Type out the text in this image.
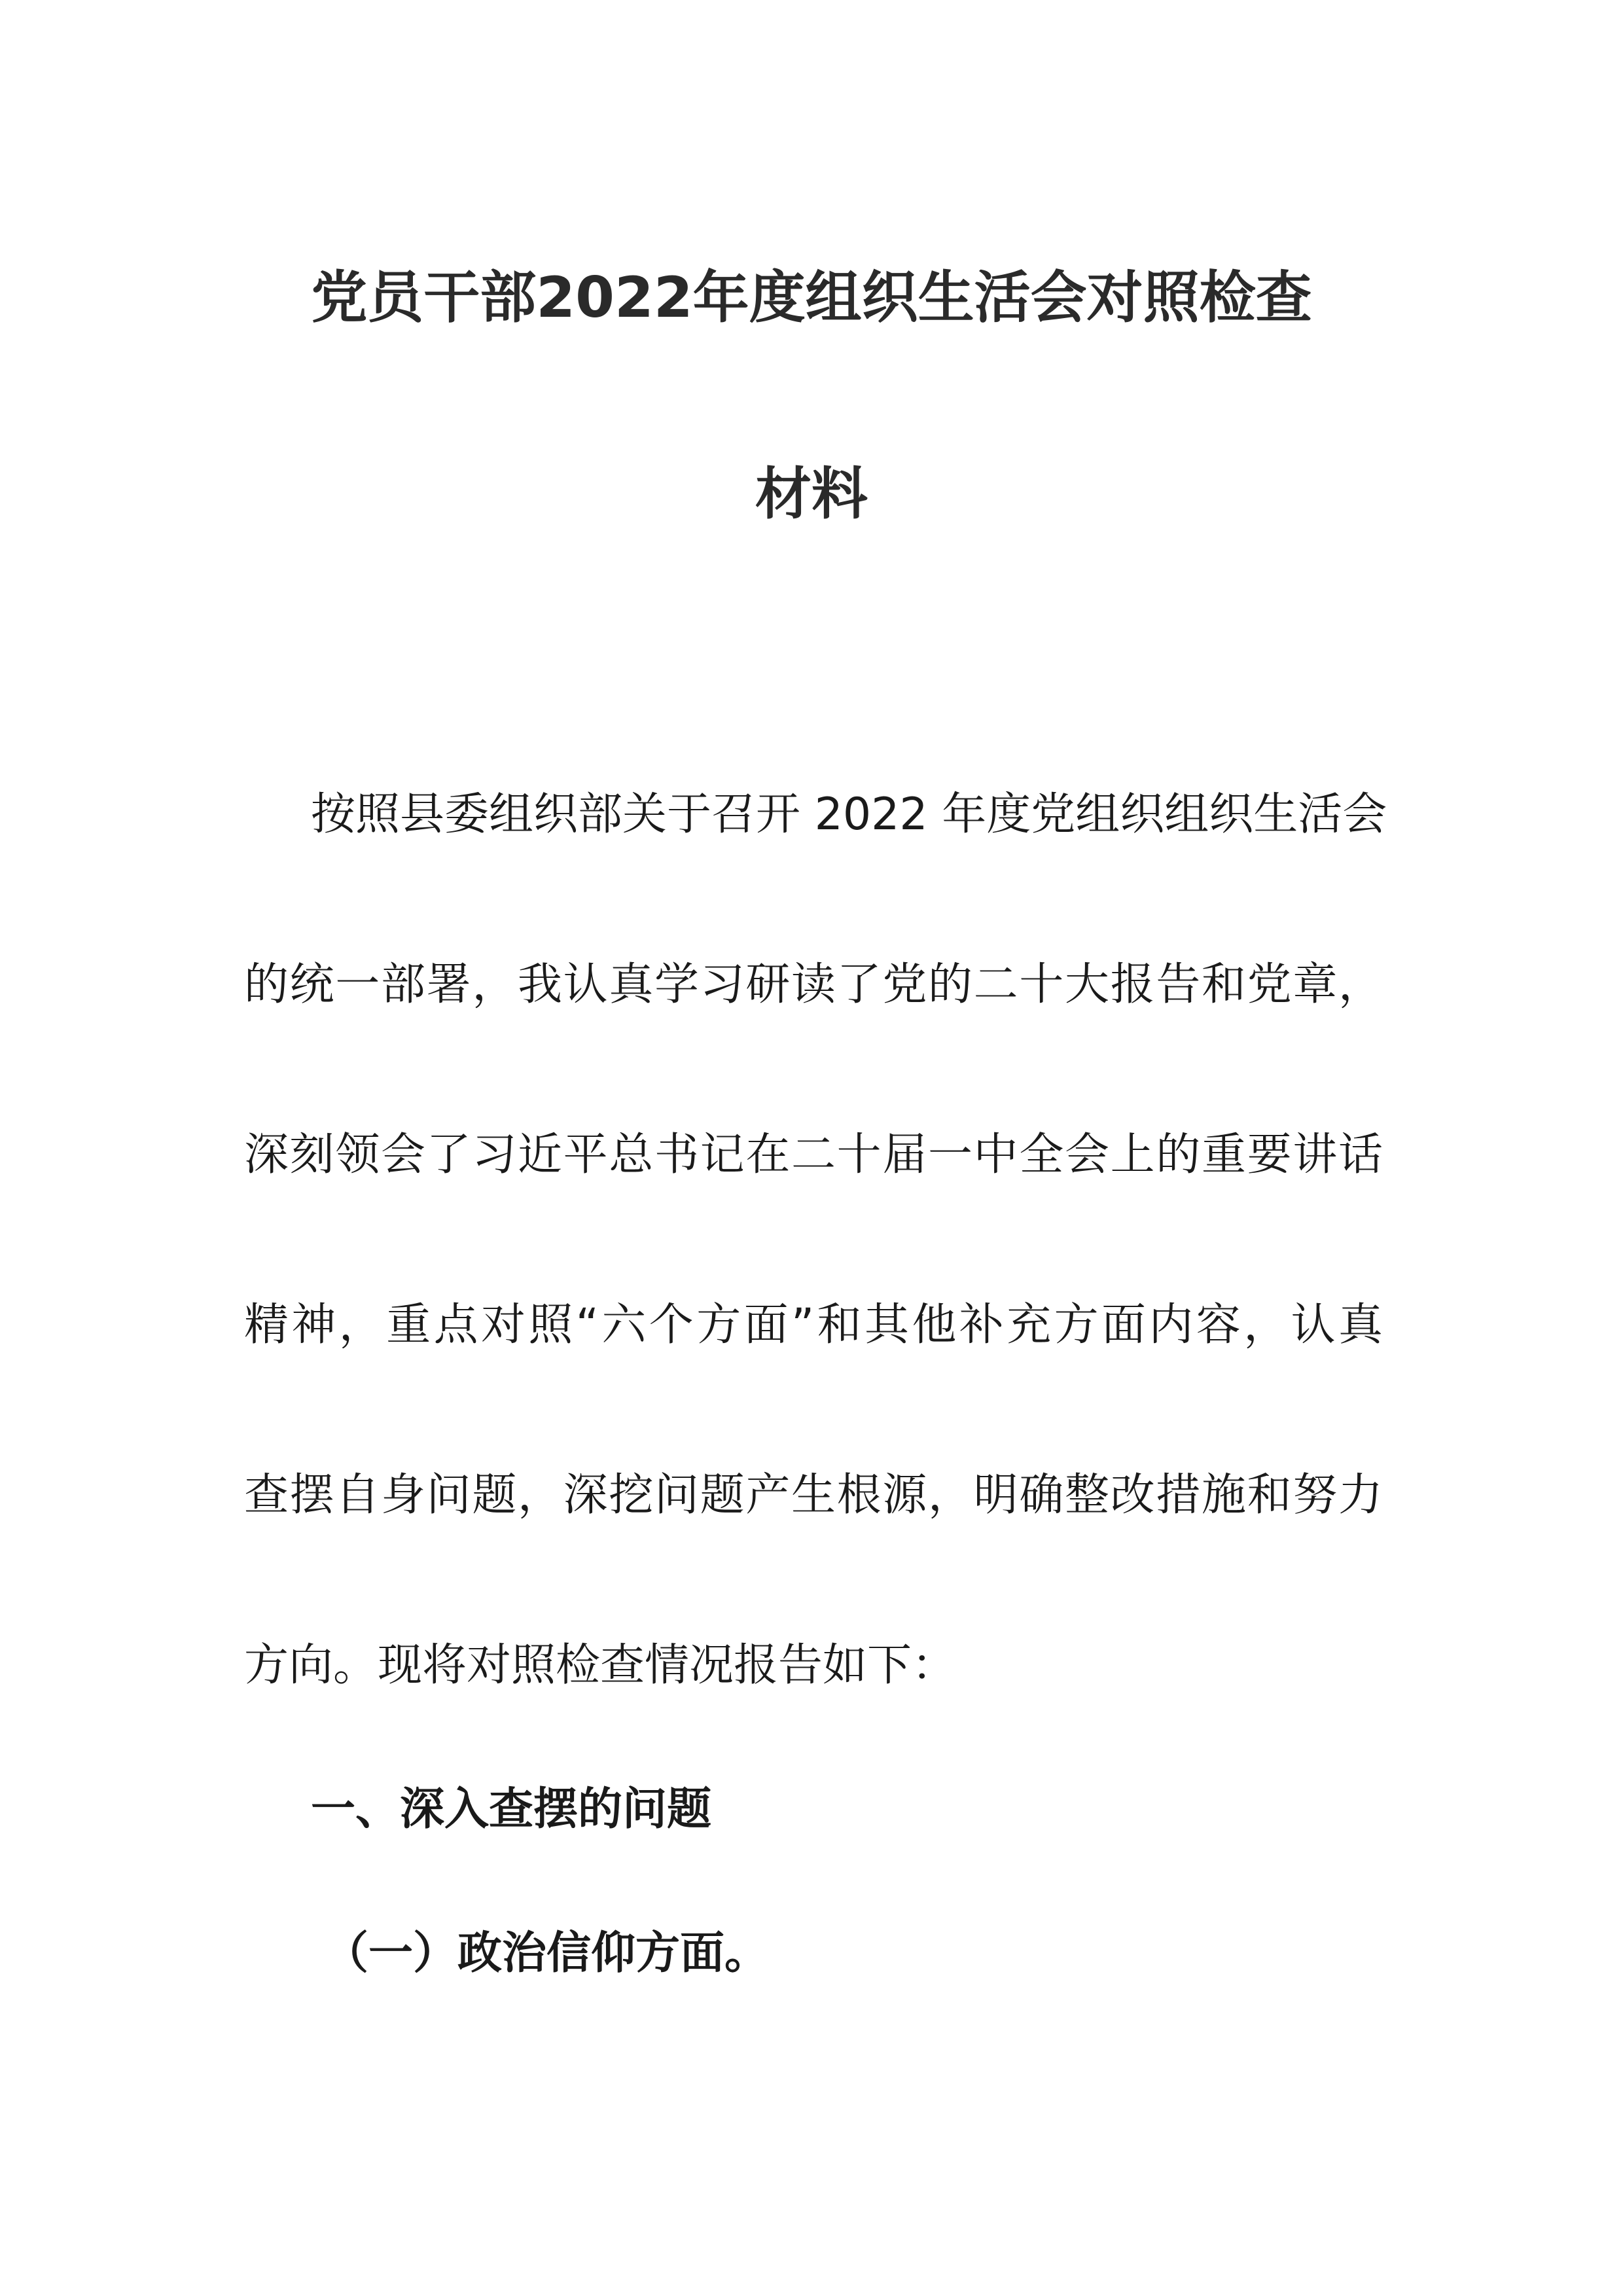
党员干部2022年度组织生活会对照检查
材料
按照县委组织部关于召开 2022 年度党组织组织生活会
的统一部署，我认真学习研读了党的二十大报告和党章，
深刻领会了习近平总书记在二十届一中全会上的重要讲话
精神，重点对照“六个方面”和其他补充方面内容，认真
查摆自身问题，深挖问题产生根源，明确整改措施和努力
方向。现将对照检查情况报告如下：
一、深入查摆的问题
（一）政治信仰方面。
